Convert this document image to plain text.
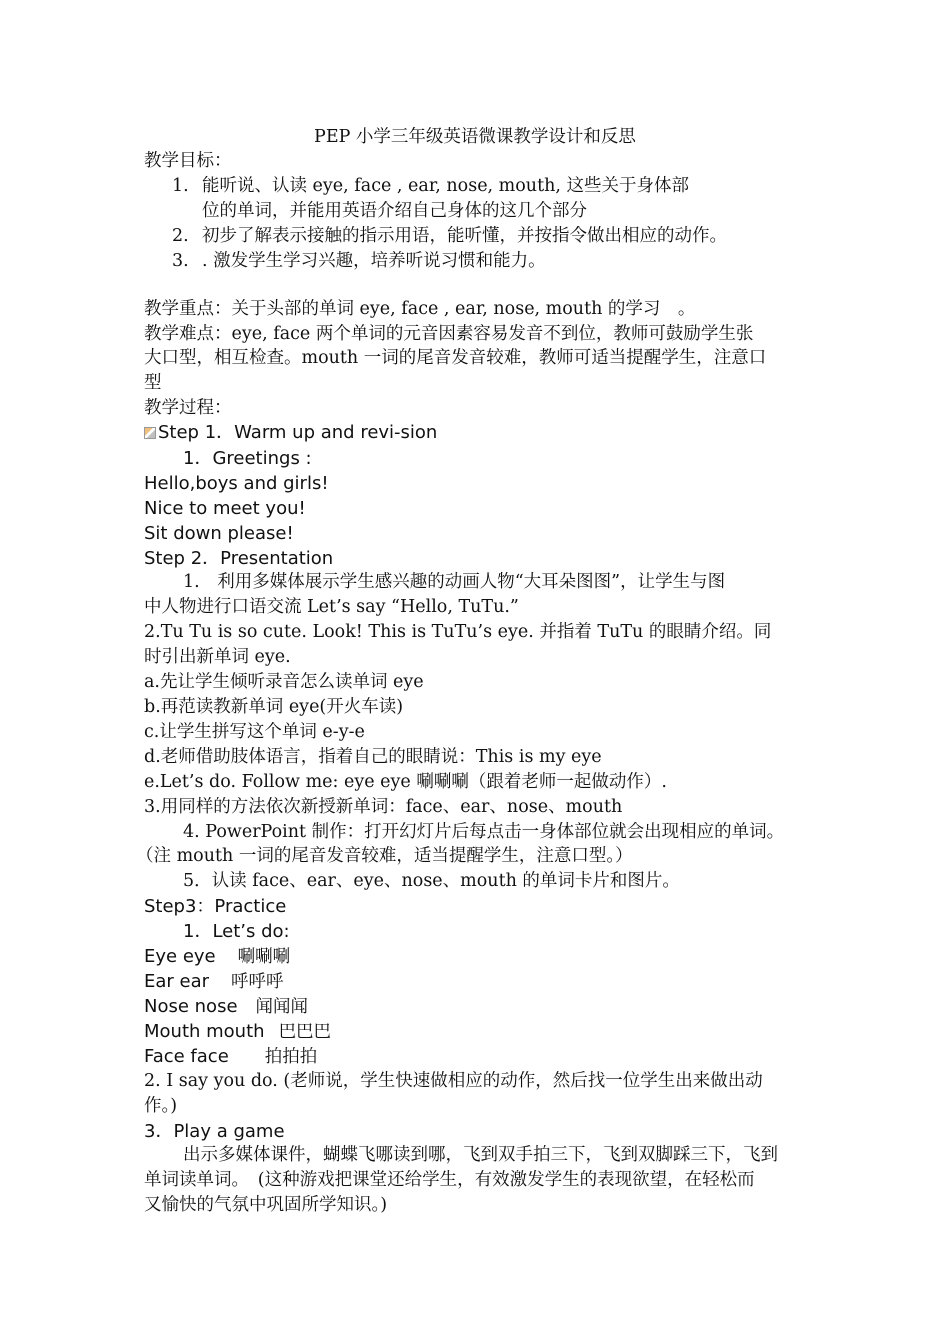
PEP 小学三年级英语微课教学设计和反思
教学目标：
1. 能听说、认读 eye, face , ear, nose, mouth, 这些关于身体部
位的单词，并能用英语介绍自己身体的这几个部分
2. 初步了解表示接触的指示用语，能听懂，并按指令做出相应的动作。
3. . 激发学生学习兴趣，培养听说习惯和能力。
教学重点：关于头部的单词 eye, face , ear, nose, mouth 的学习　。
教学难点：eye, face 两个单词的元音因素容易发音不到位，教师可鼓励学生张
大口型，相互检查。mouth 一词的尾音发音较难，教师可适当提醒学生，注意口
型
教学过程：
Step 1．Warm up and revi-sion
1．Greetings :
Hello,boys and girls!
Nice to meet you!
Sit down please!
Step 2．Presentation
1.　利用多媒体展示学生感兴趣的动画人物“大耳朵图图”，让学生与图
中人物进行口语交流 Let’s say “Hello, TuTu.”
2.Tu Tu is so cute. Look! This is TuTu’s eye. 并指着 TuTu 的眼睛介绍。同
时引出新单词 eye.
a.先让学生倾听录音怎么读单词 eye
b.再范读教新单词 eye(开火车读)
c.让学生拼写这个单词 e-y-e
d.老师借助肢体语言，指着自己的眼睛说：This is my eye
e.Let’s do. Follow me: eye eye 唰唰唰（跟着老师一起做动作）.
3.用同样的方法依次新授新单词：face、ear、nose、mouth
4. PowerPoint 制作：打开幻灯片后每点击一身体部位就会出现相应的单词。
（注 mouth 一词的尾音发音较难，适当提醒学生，注意口型。）
5．认读 face、ear、eye、nose、mouth 的单词卡片和图片。
Step3：Practice
1．Let’s do:
Eye eye 唰唰唰
Ear ear 呼呼呼
Nose nose 闻闻闻
Mouth mouth 巴巴巴
Face face 拍拍拍
2. I say you do. (老师说，学生快速做相应的动作，然后找一位学生出来做出动
作。)
3．Play a game
出示多媒体课件，蝴蝶飞哪读到哪，飞到双手拍三下，飞到双脚踩三下，飞到
单词读单词。　(这种游戏把课堂还给学生，有效激发学生的表现欲望，在轻松而
又愉快的气氛中巩固所学知识。)
